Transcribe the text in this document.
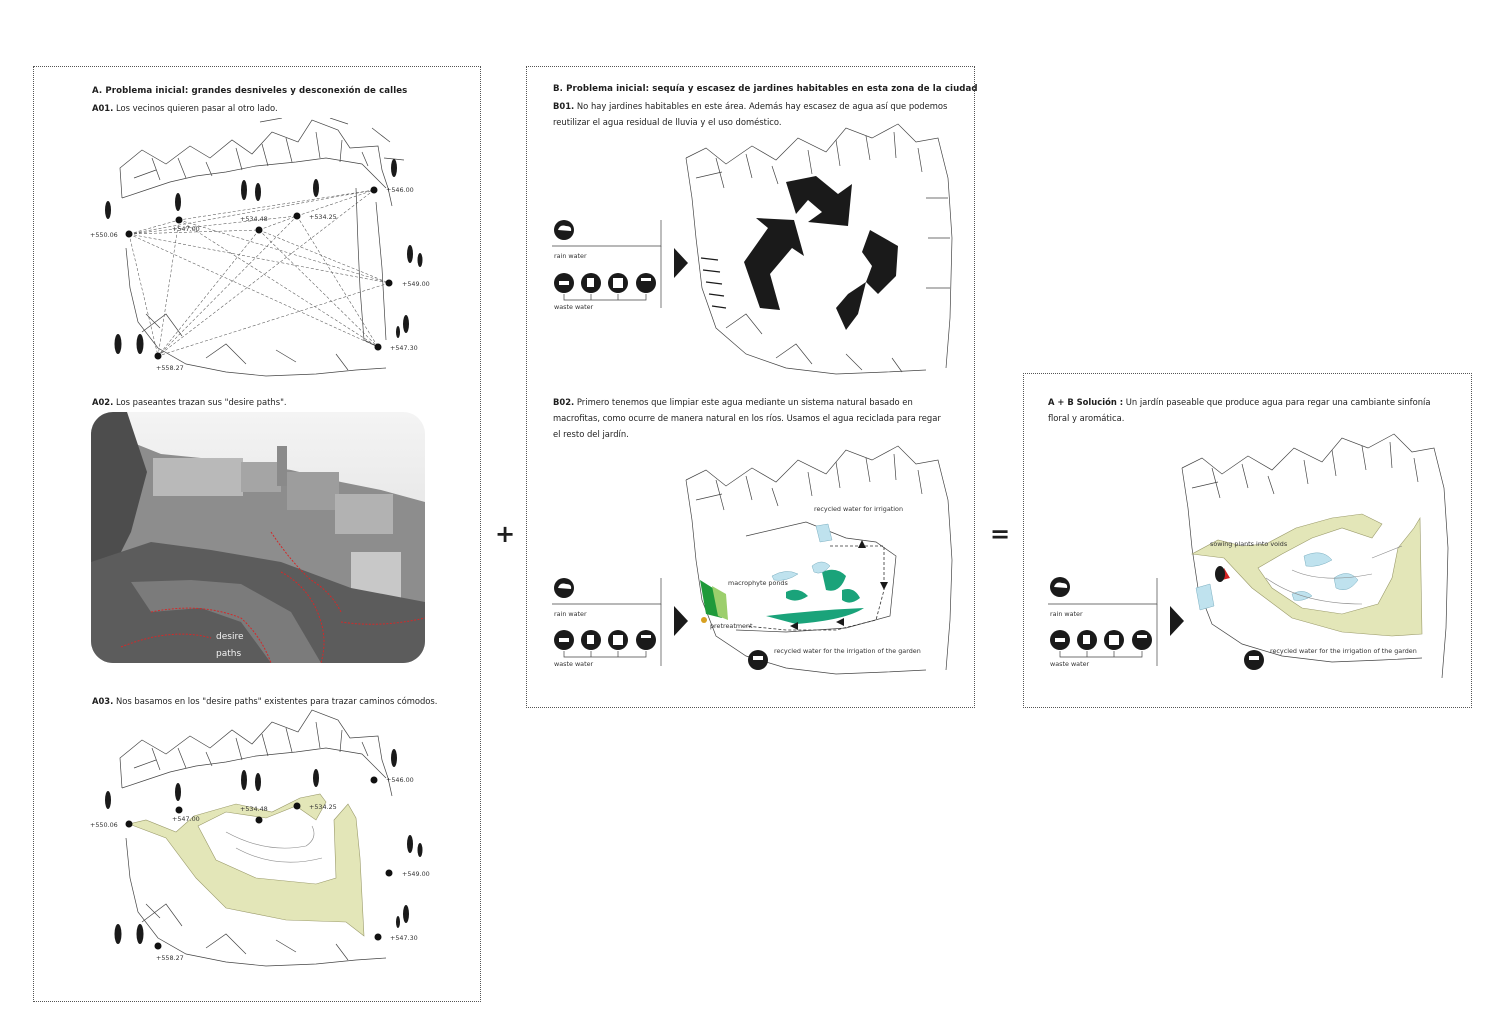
A. Problema inicial: grandes desniveles y desconexión de calles
A01. Los vecinos quieren pasar al otro lado.
+550.06
+547.00
+534.48	+534.25
+546.00
+549.00
+547.30
+558.27
A02. Los paseantes trazan sus "desire paths".
desire
paths
A03. Nos basamos en los "desire paths" existentes para trazar caminos cómodos.
+550.06
+547.00
+534.48	+534.25
+546.00
+549.00
+547.30
+558.27
+
B. Problema inicial: sequía y escasez de jardines habitables en esta zona de la ciudad
B01. No hay jardines habitables en este área. Además hay escasez de agua así que podemos reutilizar el agua residual de lluvia y el uso doméstico.
rain water
waste water
B02. Primero tenemos que limpiar este agua mediante un sistema natural basado en macrofitas, como ocurre de manera natural en los ríos. Usamos el agua reciclada para regar el resto del jardín.
rain water
waste water
recycled water for irrigation
macrophyte ponds
pretreatment
recycled water for the irrigation of the garden
=
A + B Solución : Un jardín paseable que produce agua para regar una cambiante sinfonía floral y aromática.
rain water
waste water
sowing plants into voids
recycled water for the irrigation of the garden
